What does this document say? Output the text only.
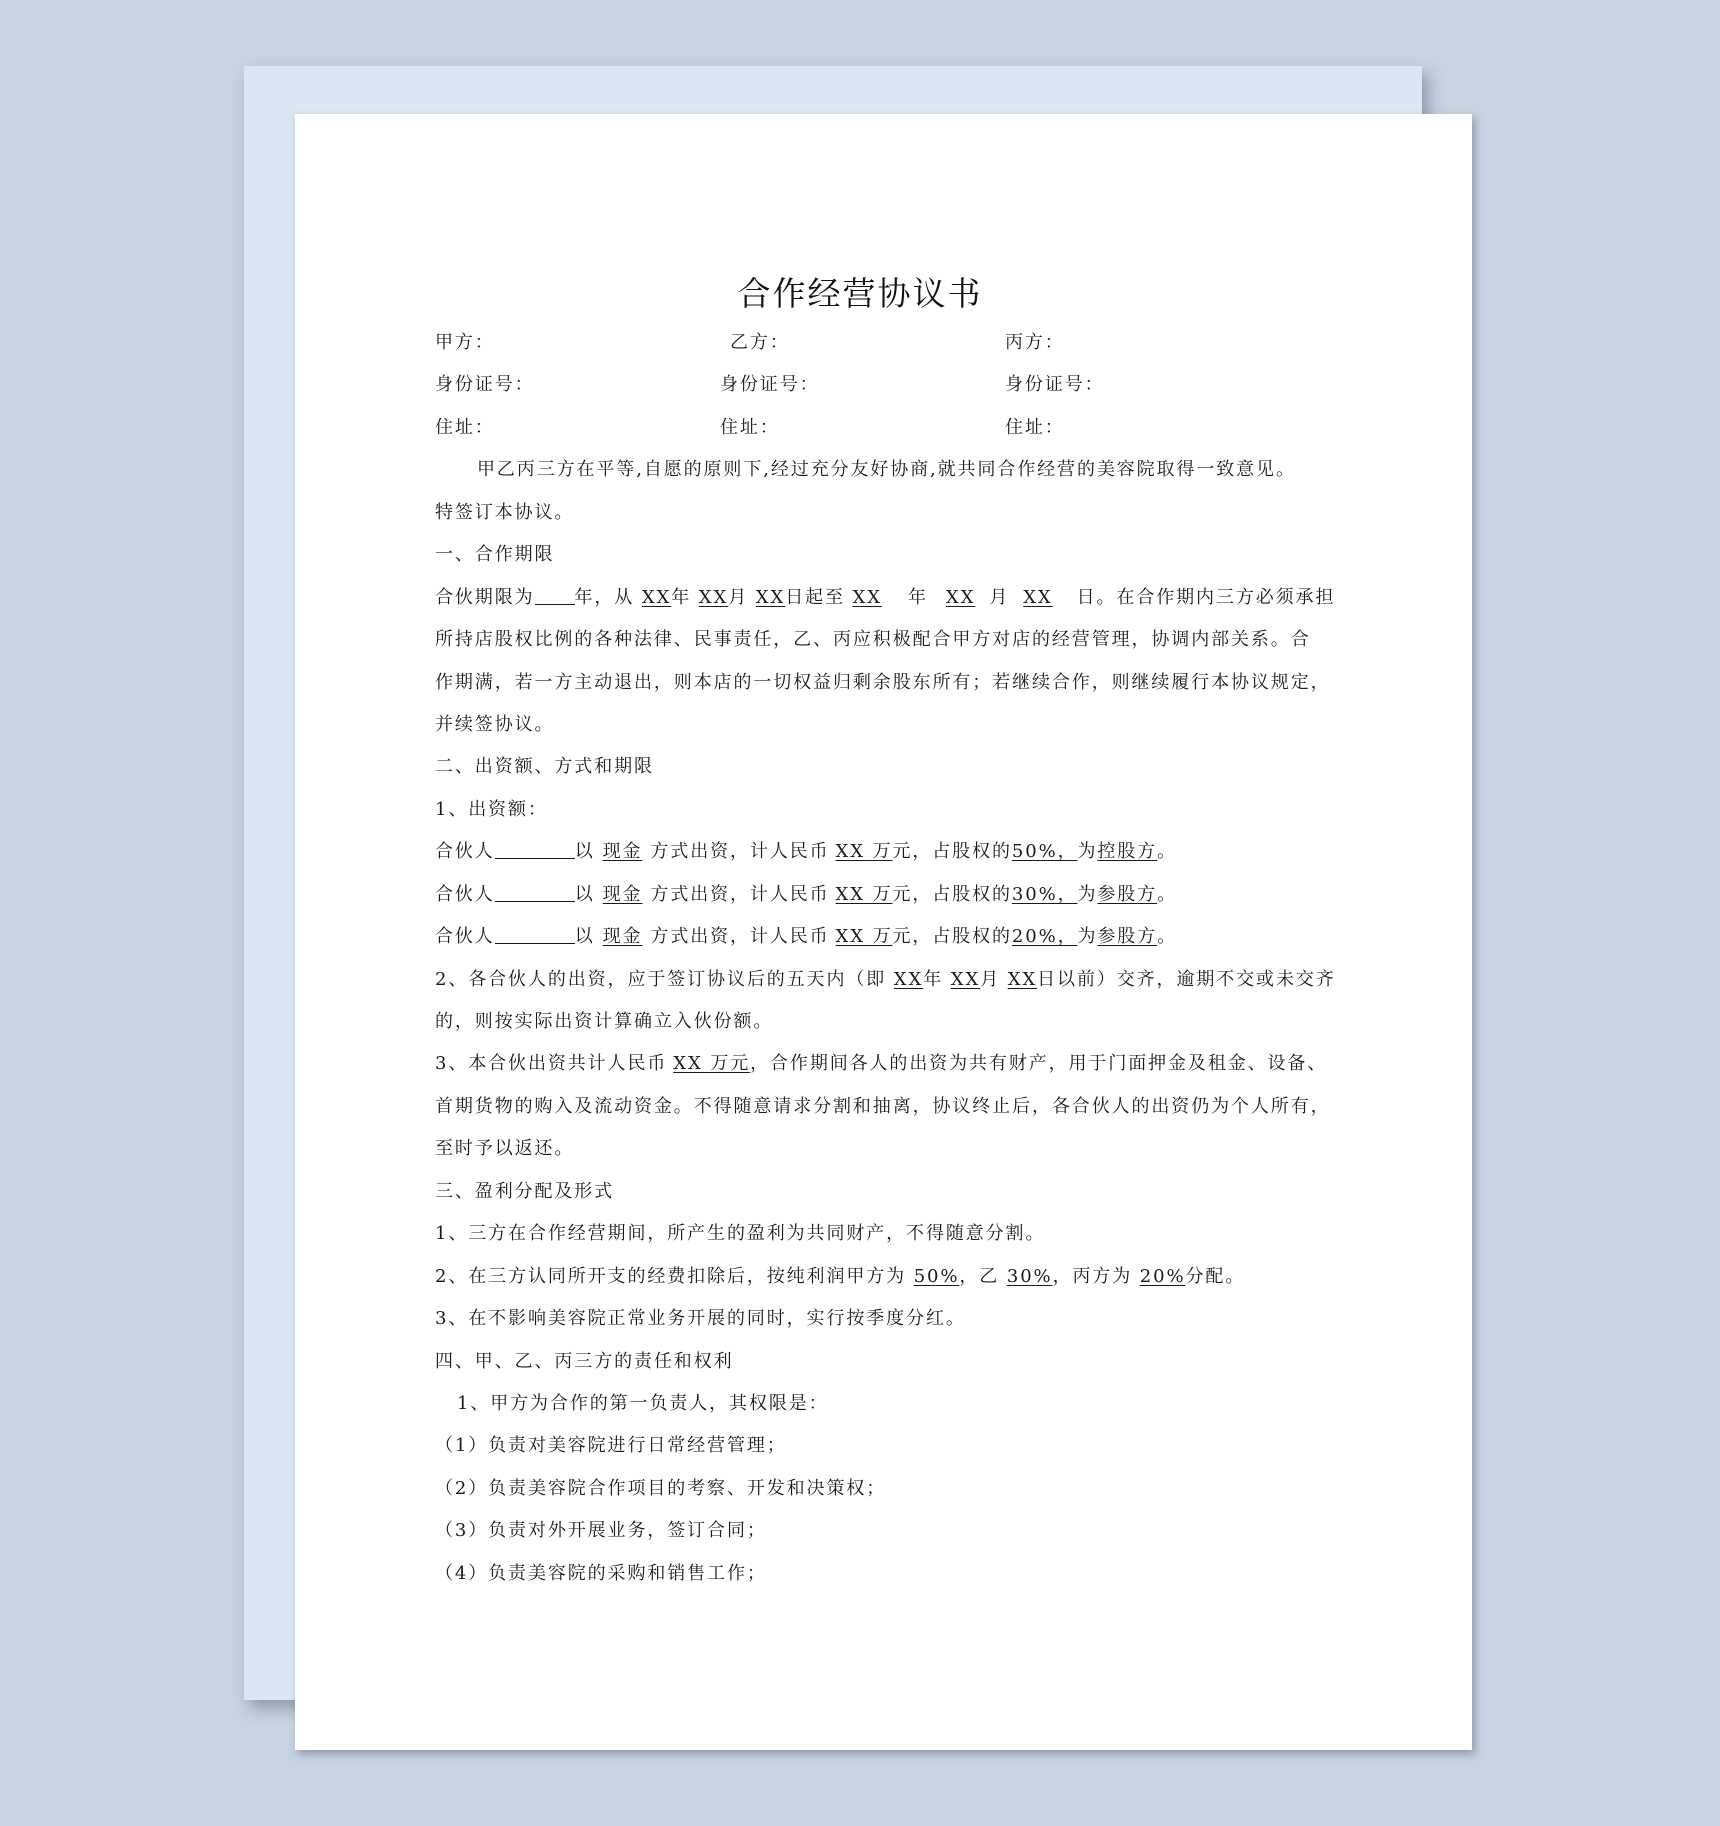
合作经营协议书
甲方：	乙方：	丙方：
身份证号：	身份证号：	身份证号：
住址：	住址：	住址：
甲乙丙三方在平等,自愿的原则下,经过充分友好协商,就共同合作经营的美容院取得一致意见。
特签订本协议。
一、合作期限
合伙期限为 年，从 XX年 XX月 XX日起至 XX 年 XX 月 XX 日。在合作期内三方必须承担
所持店股权比例的各种法律、民事责任，乙、丙应积极配合甲方对店的经营管理，协调内部关系。合
作期满，若一方主动退出，则本店的一切权益归剩余股东所有；若继续合作，则继续履行本协议规定，
并续签协议。
二、出资额、方式和期限
1、出资额：
合伙人	以 现金 方式出资，计人民币 XX 万元，占股权的50%，为控股方。
合伙人	以 现金 方式出资，计人民币 XX 万元，占股权的30%，为参股方。
合伙人	以 现金 方式出资，计人民币 XX 万元，占股权的20%，为参股方。
2、各合伙人的出资，应于签订协议后的五天内（即 XX年 XX月 XX日以前）交齐，逾期不交或未交齐
的，则按实际出资计算确立入伙份额。
3、本合伙出资共计人民币 XX 万元，合作期间各人的出资为共有财产，用于门面押金及租金、设备、
首期货物的购入及流动资金。不得随意请求分割和抽离，协议终止后，各合伙人的出资仍为个人所有，
至时予以返还。
三、盈利分配及形式
1、三方在合作经营期间，所产生的盈利为共同财产，不得随意分割。
2、在三方认同所开支的经费扣除后，按纯利润甲方为 50%，乙 30%，丙方为 20%分配。
3、在不影响美容院正常业务开展的同时，实行按季度分红。
四、甲、乙、丙三方的责任和权利
1、甲方为合作的第一负责人，其权限是：
（1）负责对美容院进行日常经营管理；
（2）负责美容院合作项目的考察、开发和决策权；
（3）负责对外开展业务，签订合同；
（4）负责美容院的采购和销售工作；
